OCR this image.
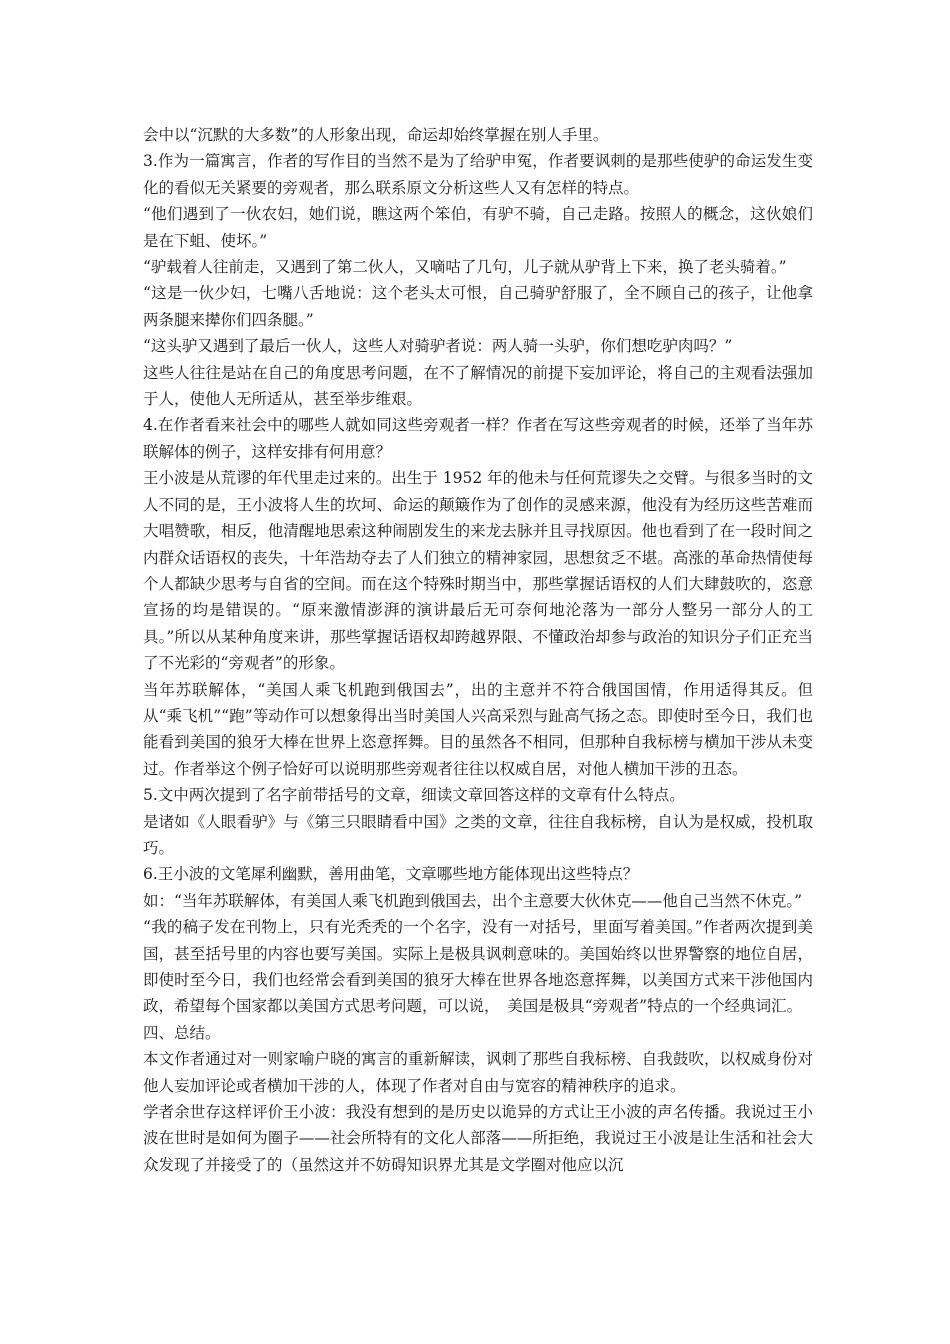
会中以“沉默的大多数”的人形象出现，命运却始终掌握在别人手里。

3.作为一篇寓言，作者的写作目的当然不是为了给驴申冤，作者要讽刺的是那些使驴的命运发生变化的看似无关紧要的旁观者，那么联系原文分析这些人又有怎样的特点。

“他们遇到了一伙农妇，她们说，瞧这两个笨伯，有驴不骑，自己走路。按照人的概念，这伙娘们是在下蛆、使坏。”

“驴载着人往前走，又遇到了第二伙人，又嘀咕了几句，儿子就从驴背上下来，换了老头骑着。”

“这是一伙少妇，七嘴八舌地说：这个老头太可恨，自己骑驴舒服了，全不顾自己的孩子，让他拿两条腿来撵你们四条腿。”

“这头驴又遇到了最后一伙人，这些人对骑驴者说：两人骑一头驴，你们想吃驴肉吗？”

这些人往往是站在自己的角度思考问题，在不了解情况的前提下妄加评论，将自己的主观看法强加于人，使他人无所适从，甚至举步维艰。

4.在作者看来社会中的哪些人就如同这些旁观者一样？作者在写这些旁观者的时候，还举了当年苏联解体的例子，这样安排有何用意？

王小波是从荒谬的年代里走过来的。出生于 1952 年的他未与任何荒谬失之交臂。与很多当时的文人不同的是，王小波将人生的坎坷、命运的颠簸作为了创作的灵感来源，他没有为经历这些苦难而大唱赞歌，相反，他清醒地思索这种闹剧发生的来龙去脉并且寻找原因。他也看到了在一段时间之内群众话语权的丧失，十年浩劫夺去了人们独立的精神家园，思想贫乏不堪。高涨的革命热情使每个人都缺少思考与自省的空间。而在这个特殊时期当中，那些掌握话语权的人们大肆鼓吹的，恣意宣扬的均是错误的。“原来激情澎湃的演讲最后无可奈何地沦落为一部分人整另一部分人的工具。”所以从某种角度来讲，那些掌握话语权却跨越界限、不懂政治却参与政治的知识分子们正充当了不光彩的“旁观者”的形象。

当年苏联解体，“美国人乘飞机跑到俄国去”，出的主意并不符合俄国国情，作用适得其反。但从“乘飞机”“跑”等动作可以想象得出当时美国人兴高采烈与趾高气扬之态。即使时至今日，我们也能看到美国的狼牙大棒在世界上恣意挥舞。目的虽然各不相同，但那种自我标榜与横加干涉从未变过。作者举这个例子恰好可以说明那些旁观者往往以权威自居，对他人横加干涉的丑态。

5.文中两次提到了名字前带括号的文章，细读文章回答这样的文章有什么特点。

是诸如《人眼看驴》与《第三只眼睛看中国》之类的文章，往往自我标榜，自认为是权威，投机取巧。

6.王小波的文笔犀利幽默，善用曲笔，文章哪些地方能体现出这些特点？

如：“当年苏联解体，有美国人乘飞机跑到俄国去，出个主意要大伙休克——他自己当然不休克。”

“我的稿子发在刊物上，只有光秃秃的一个名字，没有一对括号，里面写着美国。”作者两次提到美国，甚至括号里的内容也要写美国。实际上是极具讽刺意味的。美国始终以世界警察的地位自居，即使时至今日，我们也经常会看到美国的狼牙大棒在世界各地恣意挥舞，以美国方式来干涉他国内政，希望每个国家都以美国方式思考问题，可以说，　美国是极具“旁观者”特点的一个经典词汇。

四、总结。

本文作者通过对一则家喻户晓的寓言的重新解读，讽刺了那些自我标榜、自我鼓吹，以权威身份对他人妄加评论或者横加干涉的人，体现了作者对自由与宽容的精神秩序的追求。

学者余世存这样评价王小波：我没有想到的是历史以诡异的方式让王小波的声名传播。我说过王小波在世时是如何为圈子——社会所特有的文化人部落——所拒绝，我说过王小波是让生活和社会大众发现了并接受了的（虽然这并不妨碍知识界尤其是文学圈对他应以沉
